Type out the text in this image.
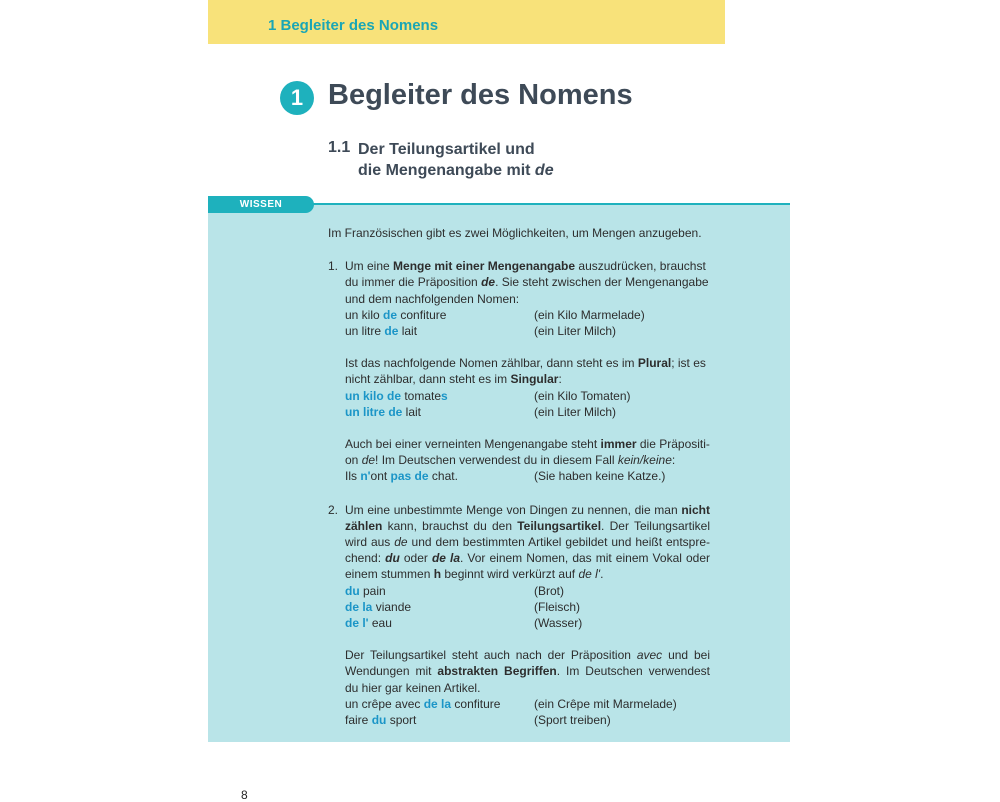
1 Begleiter des Nomens
1 Begleiter des Nomens
1.1 Der Teilungsartikel und
die Mengenangabe mit de
WISSEN

Im Französischen gibt es zwei Möglichkeiten, um Mengen anzugeben.

1. Um eine Menge mit einer Mengenangabe auszudrücken, brauchst du immer die Präposition de. Sie steht zwischen der Mengenangabe und dem nachfolgenden Nomen:

un kilo de confiture	(ein Kilo Marmelade)
un litre de lait	(ein Liter Milch)

Ist das nachfolgende Nomen zählbar, dann steht es im Plural; ist es nicht zählbar, dann steht es im Singular:

un kilo de tomates	(ein Kilo Tomaten)
un litre de lait	(ein Liter Milch)

Auch bei einer verneinten Mengenangabe steht immer die Präpositi-
on de! Im Deutschen verwendest du in diesem Fall kein/keine:

Ils n'ont pas de chat.	(Sie haben keine Katze.)
2. Um eine unbestimmte Menge von Dingen zu nennen, die man nicht zählen kann, brauchst du den Teilungsartikel. Der Teilungsartikel wird aus de und dem bestimmten Artikel gebildet und heißt entspre-chend: du oder de la. Vor einem Nomen, das mit einem Vokal oder einem stummen h beginnt wird verkürzt auf de l'.

du pain	(Brot)
de la viande	(Fleisch)
de l' eau	(Wasser)

Der Teilungsartikel steht auch nach der Präposition avec und bei Wendungen mit abstrakten Begriffen. Im Deutschen verwendest du hier gar keinen Artikel.

un crêpe avec de la confiture	(ein Crêpe mit Marmelade)
faire du sport	(Sport treiben)
8
